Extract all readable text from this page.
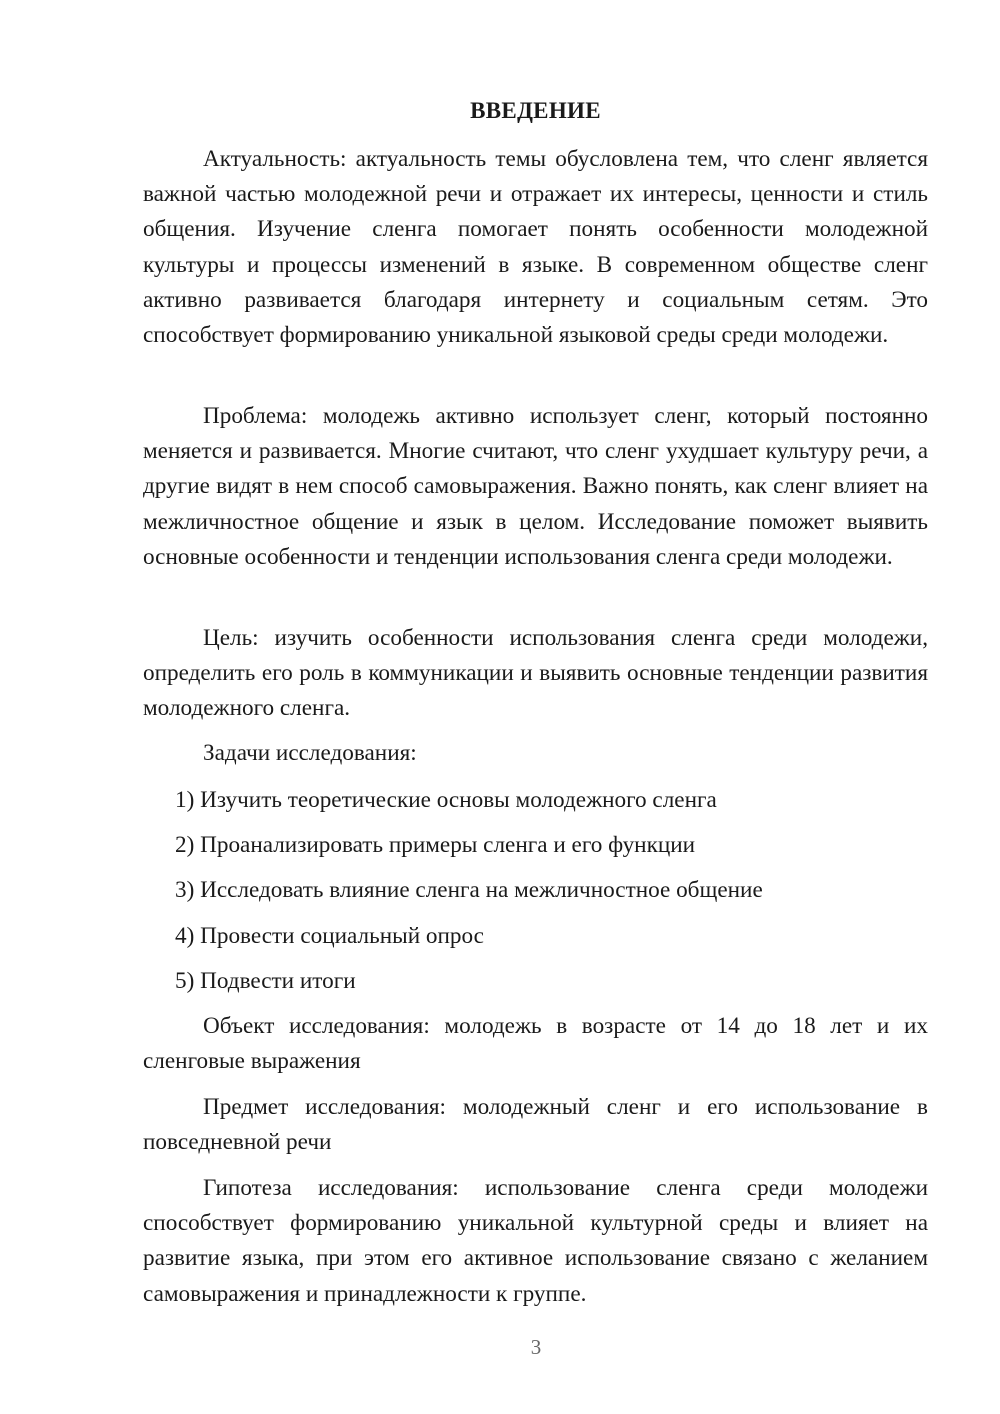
ВВЕДЕНИЕ

Актуальность: актуальность темы обусловлена тем, что сленг является важной частью молодежной речи и отражает их интересы, ценности и стиль общения. Изучение сленга помогает понять особенности молодежной культуры и процессы изменений в языке. В современном обществе сленг активно развивается благодаря интернету и социальным сетям. Это способствует формированию уникальной языковой среды среди молодежи.

Проблема: молодежь активно использует сленг, который постоянно меняется и развивается. Многие считают, что сленг ухудшает культуру речи, а другие видят в нем способ самовыражения. Важно понять, как сленг влияет на межличностное общение и язык в целом. Исследование поможет выявить основные особенности и тенденции использования сленга среди молодежи.

Цель: изучить особенности использования сленга среди молодежи, определить его роль в коммуникации и выявить основные тенденции развития молодежного сленга.

Задачи исследования:
1) Изучить теоретические основы молодежного сленга
2) Проанализировать примеры сленга и его функции
3) Исследовать влияние сленга на межличностное общение
4) Провести социальный опрос
5) Подвести итоги

Объект исследования: молодежь в возрасте от 14 до 18 лет и их сленговые выражения

Предмет исследования: молодежный сленг и его использование в повседневной речи

Гипотеза исследования: использование сленга среди молодежи способствует формированию уникальной культурной среды и влияет на развитие языка, при этом его активное использование связано с желанием самовыражения и принадлежности к группе.

3
